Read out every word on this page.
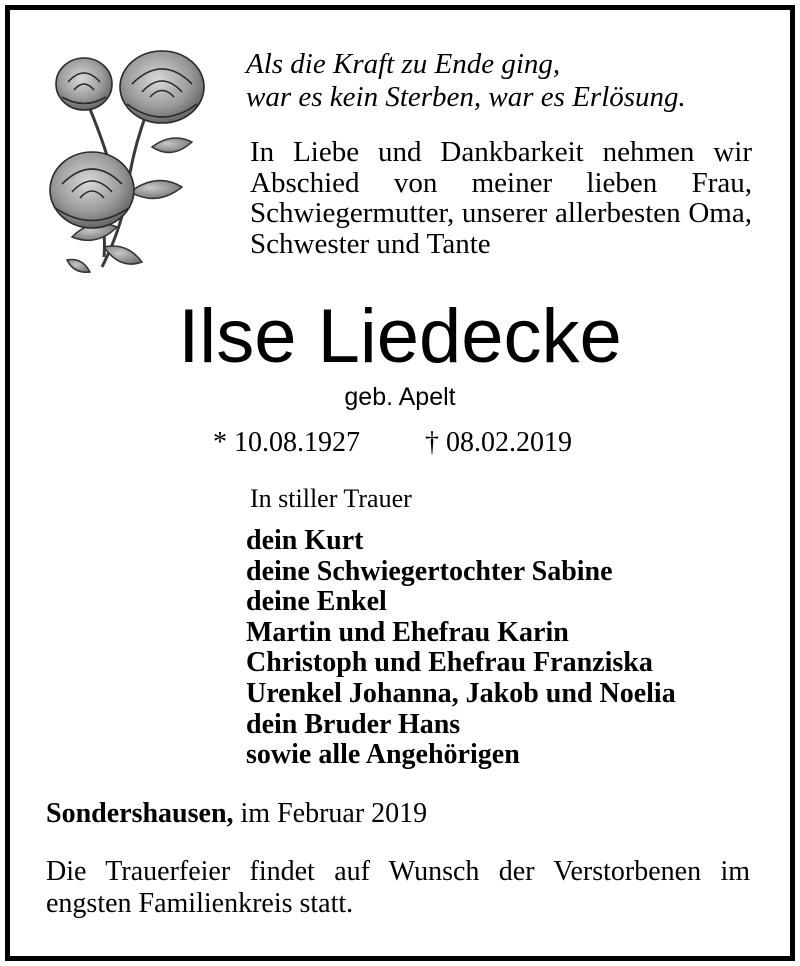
Als die Kraft zu Ende ging,
war es kein Sterben, war es Erlösung.
In Liebe und Dankbarkeit nehmen wir Abschied von meiner lieben Frau, Schwiegermutter, unserer allerbesten Oma, Schwester und Tante
Ilse Liedecke
geb. Apelt
* 10.08.1927 † 08.02.2019
In stiller Trauer
dein Kurt
deine Schwiegertochter Sabine
deine Enkel
Martin und Ehefrau Karin
Christoph und Ehefrau Franziska
Urenkel Johanna, Jakob und Noelia
dein Bruder Hans
sowie alle Angehörigen
Sondershausen, im Februar 2019
Die Trauerfeier findet auf Wunsch der Verstorbenen im engsten Familienkreis statt.
